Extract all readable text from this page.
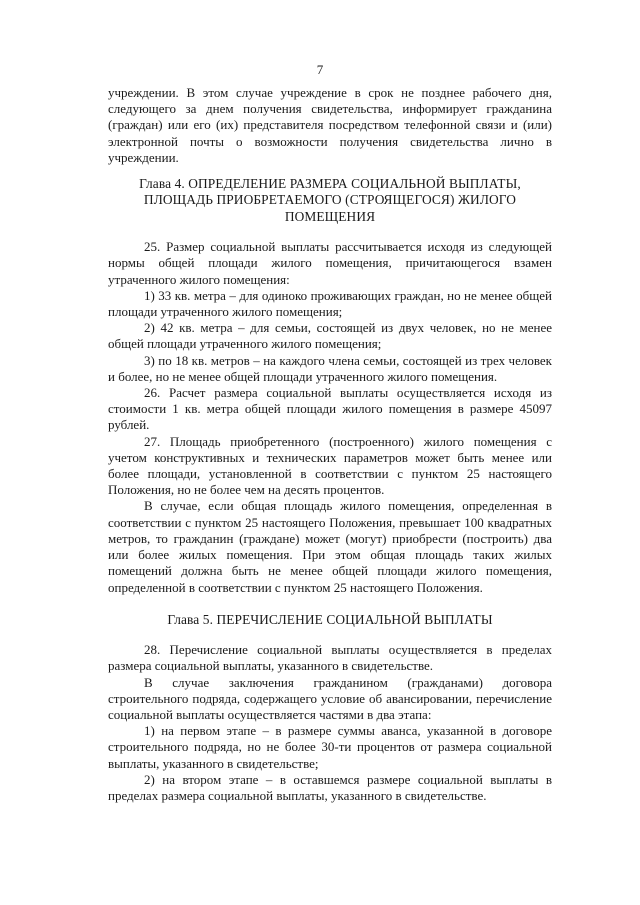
7

учреждении. В этом случае учреждение в срок не позднее рабочего дня, следующего за днем получения свидетельства, информирует гражданина (граждан) или его (их) представителя посредством телефонной связи и (или) электронной почты о возможности получения свидетельства лично в учреждении.

Глава 4. ОПРЕДЕЛЕНИЕ РАЗМЕРА СОЦИАЛЬНОЙ ВЫПЛАТЫ, ПЛОЩАДЬ ПРИОБРЕТАЕМОГО (СТРОЯЩЕГОСЯ) ЖИЛОГО ПОМЕЩЕНИЯ

25. Размер социальной выплаты рассчитывается исходя из следующей нормы общей площади жилого помещения, причитающегося взамен утраченного жилого помещения:

1) 33 кв. метра – для одиноко проживающих граждан, но не менее общей площади утраченного жилого помещения;

2) 42 кв. метра – для семьи, состоящей из двух человек, но не менее общей площади утраченного жилого помещения;

3) по 18 кв. метров – на каждого члена семьи, состоящей из трех человек и более, но не менее общей площади утраченного жилого помещения.

26. Расчет размера социальной выплаты осуществляется исходя из стоимости 1 кв. метра общей площади жилого помещения в размере 45097 рублей.

27. Площадь приобретенного (построенного) жилого помещения с учетом конструктивных и технических параметров может быть менее или более площади, установленной в соответствии с пунктом 25 настоящего Положения, но не более чем на десять процентов.

В случае, если общая площадь жилого помещения, определенная в соответствии с пунктом 25 настоящего Положения, превышает 100 квадратных метров, то гражданин (граждане) может (могут) приобрести (построить) два или более жилых помещения. При этом общая площадь таких жилых помещений должна быть не менее общей площади жилого помещения, определенной в соответствии с пунктом 25 настоящего Положения.

Глава 5. ПЕРЕЧИСЛЕНИЕ СОЦИАЛЬНОЙ ВЫПЛАТЫ

28. Перечисление социальной выплаты осуществляется в пределах размера социальной выплаты, указанного в свидетельстве.

В случае заключения гражданином (гражданами) договора строительного подряда, содержащего условие об авансировании, перечисление социальной выплаты осуществляется частями в два этапа:

1) на первом этапе – в размере суммы аванса, указанной в договоре строительного подряда, но не более 30-ти процентов от размера социальной выплаты, указанного в свидетельстве;

2) на втором этапе – в оставшемся размере социальной выплаты в пределах размера социальной выплаты, указанного в свидетельстве.
